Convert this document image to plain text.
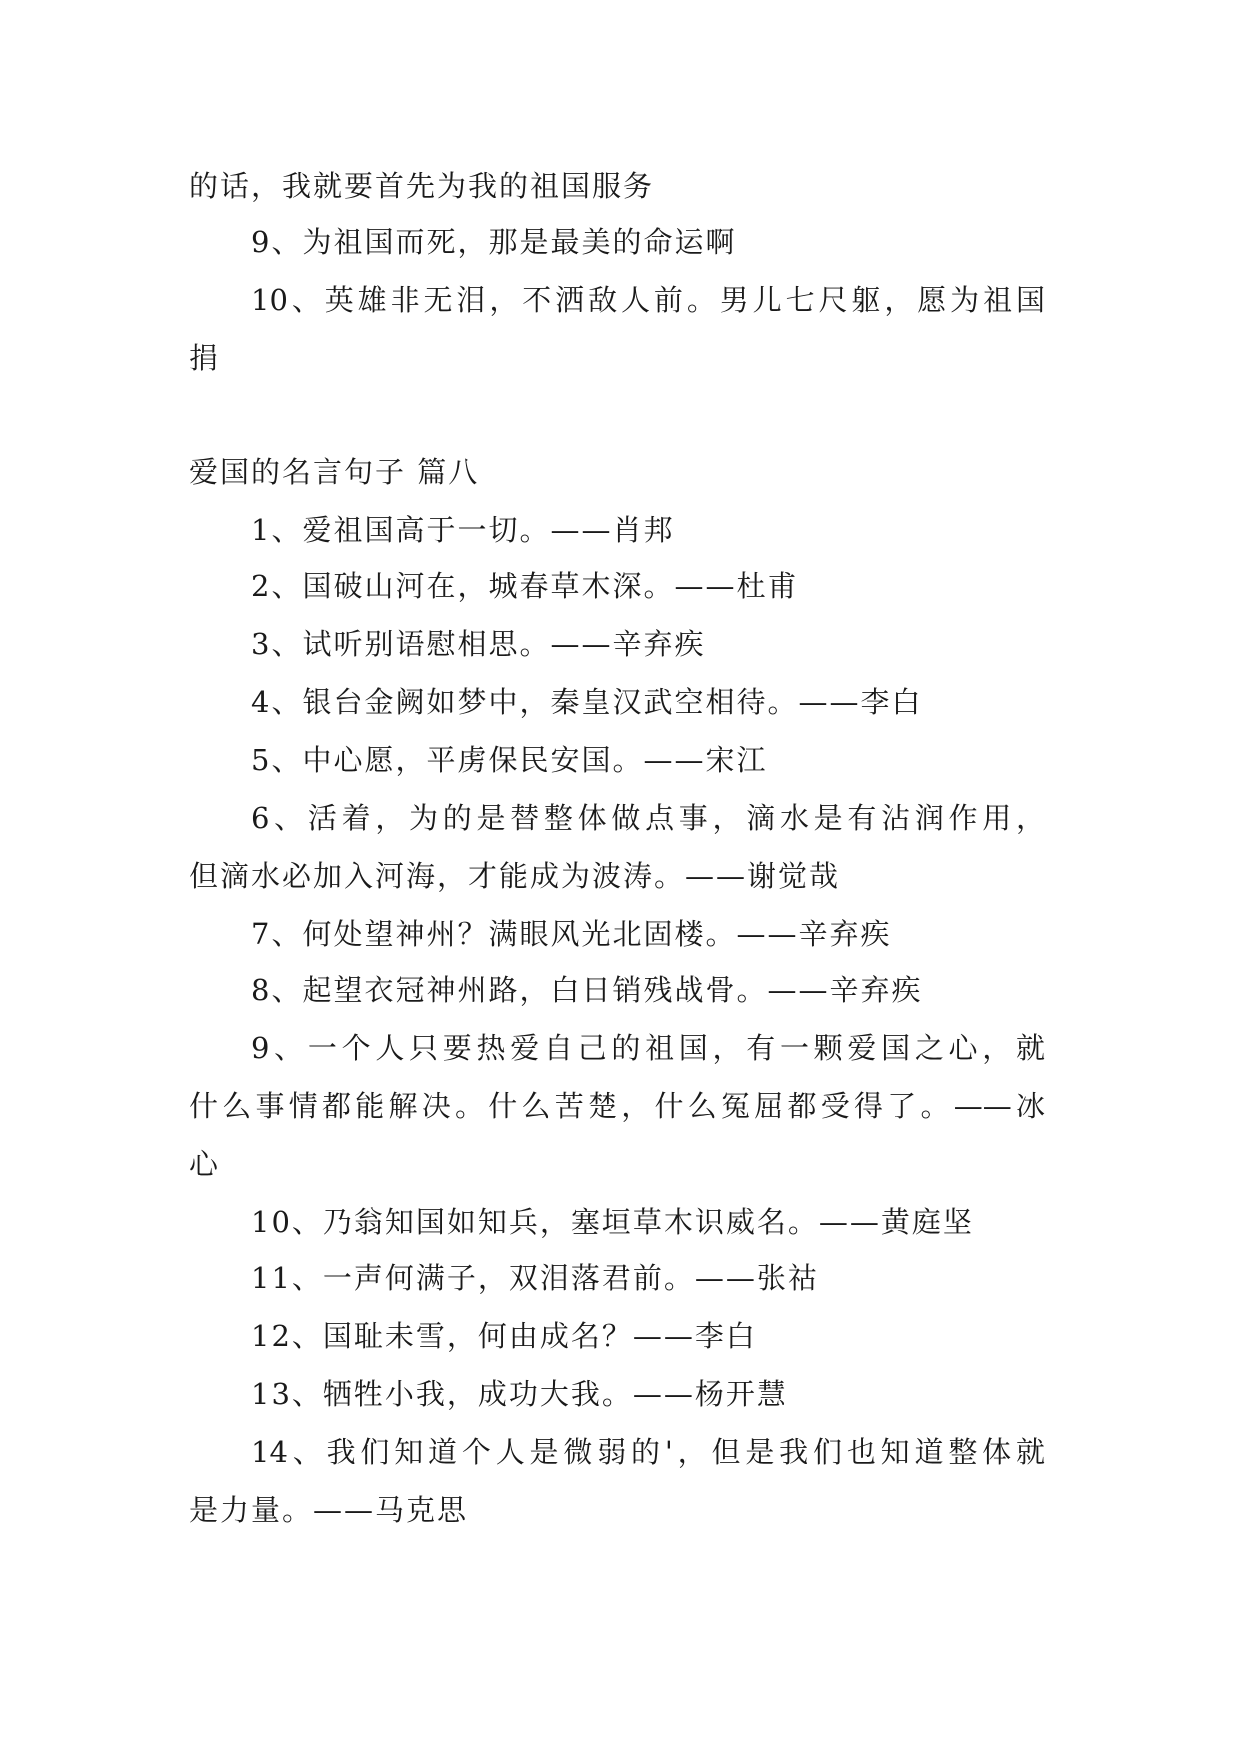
的话，我就要首先为我的祖国服务

9、为祖国而死，那是最美的命运啊

10、英雄非无泪，不洒敌人前。男儿七尺躯，愿为祖国

捐

爱国的名言句子 篇八

1、爱祖国高于一切。——肖邦

2、国破山河在，城春草木深。——杜甫

3、试听别语慰相思。——辛弃疾

4、银台金阙如梦中，秦皇汉武空相待。——李白

5、中心愿，平虏保民安国。——宋江

6、活着，为的是替整体做点事，滴水是有沾润作用，

但滴水必加入河海，才能成为波涛。——谢觉哉

7、何处望神州？满眼风光北固楼。——辛弃疾

8、起望衣冠神州路，白日销残战骨。——辛弃疾

9、一个人只要热爱自己的祖国，有一颗爱国之心，就

什么事情都能解决。什么苦楚，什么冤屈都受得了。——冰

心

10、乃翁知国如知兵，塞垣草木识威名。——黄庭坚

11、一声何满子，双泪落君前。——张祜

12、国耻未雪，何由成名？——李白

13、牺牲小我，成功大我。——杨开慧

14、我们知道个人是微弱的'，但是我们也知道整体就

是力量。——马克思
